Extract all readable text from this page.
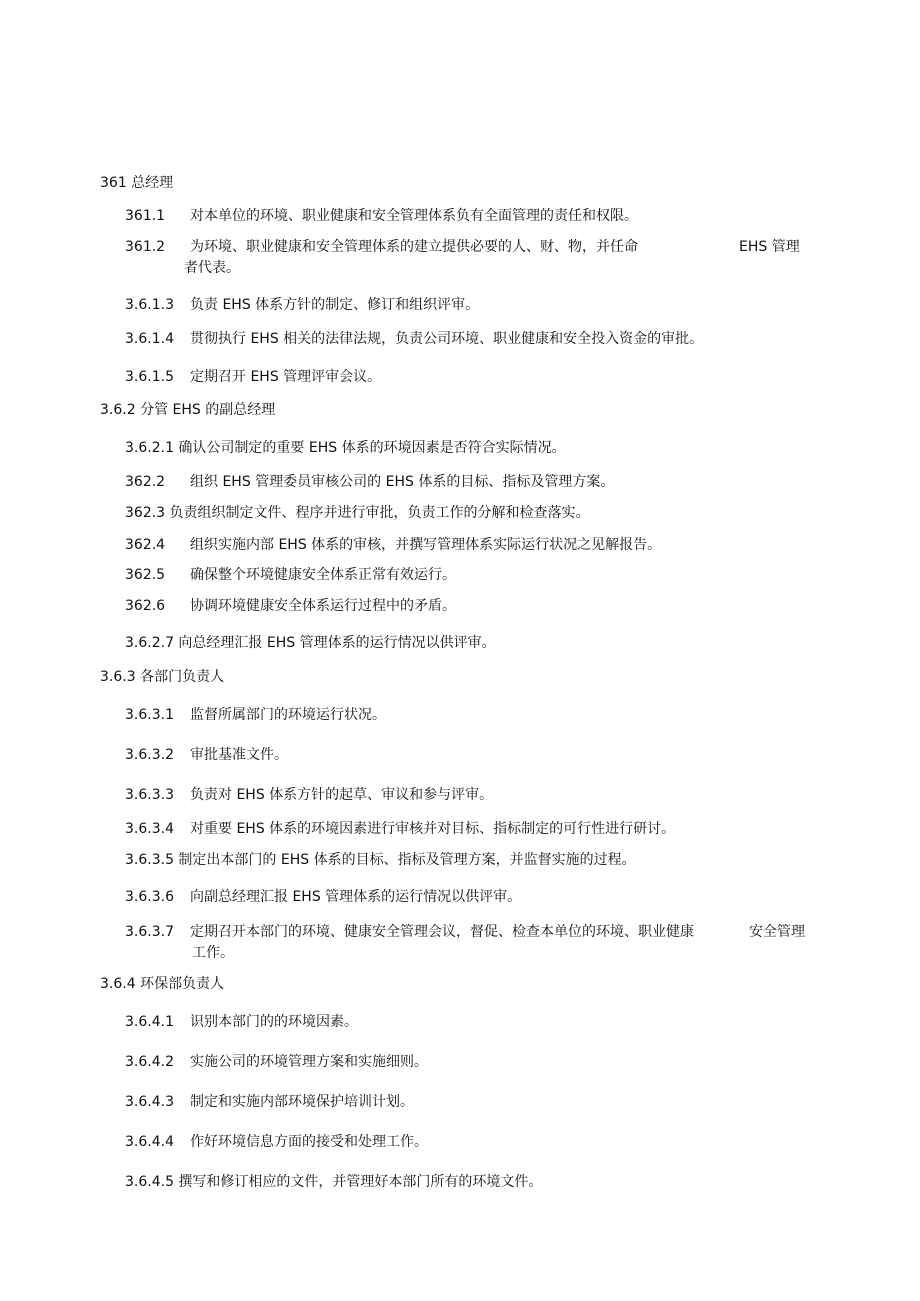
361 总经理
361.1 对本单位的环境、职业健康和安全管理体系负有全面管理的责任和权限。
361.2 为环境、职业健康和安全管理体系的建立提供必要的人、财、物，并任命	EHS 管理
者代表。
3.6.1.3 负责 EHS 体系方针的制定、修订和组织评审。
3.6.1.4 贯彻执行 EHS 相关的法律法规，负责公司环境、职业健康和安全投入资金的审批。
3.6.1.5 定期召开 EHS 管理评审会议。
3.6.2 分管 EHS 的副总经理
3.6.2.1 确认公司制定的重要 EHS 体系的环境因素是否符合实际情况。
362.2 组织 EHS 管理委员审核公司的 EHS 体系的目标、指标及管理方案。
362.3 负责组织制定文件、程序并进行审批，负责工作的分解和检查落实。
362.4 组织实施内部 EHS 体系的审核，并撰写管理体系实际运行状况之见解报告。
362.5 确保整个环境健康安全体系正常有效运行。
362.6 协调环境健康安全体系运行过程中的矛盾。
3.6.2.7 向总经理汇报 EHS 管理体系的运行情况以供评审。
3.6.3 各部门负责人
3.6.3.1 监督所属部门的环境运行状况。
3.6.3.2 审批基准文件。
3.6.3.3 负责对 EHS 体系方针的起草、审议和参与评审。
3.6.3.4 对重要 EHS 体系的环境因素进行审核并对目标、指标制定的可行性进行研讨。
3.6.3.5 制定出本部门的 EHS 体系的目标、指标及管理方案，并监督实施的过程。
3.6.3.6 向副总经理汇报 EHS 管理体系的运行情况以供评审。
3.6.3.7 定期召开本部门的环境、健康安全管理会议，督促、检查本单位的环境、职业健康	安全管理
工作。
3.6.4 环保部负责人
3.6.4.1 识别本部门的的环境因素。
3.6.4.2 实施公司的环境管理方案和实施细则。
3.6.4.3 制定和实施内部环境保护培训计划。
3.6.4.4 作好环境信息方面的接受和处理工作。
3.6.4.5 撰写和修订相应的文件，并管理好本部门所有的环境文件。
